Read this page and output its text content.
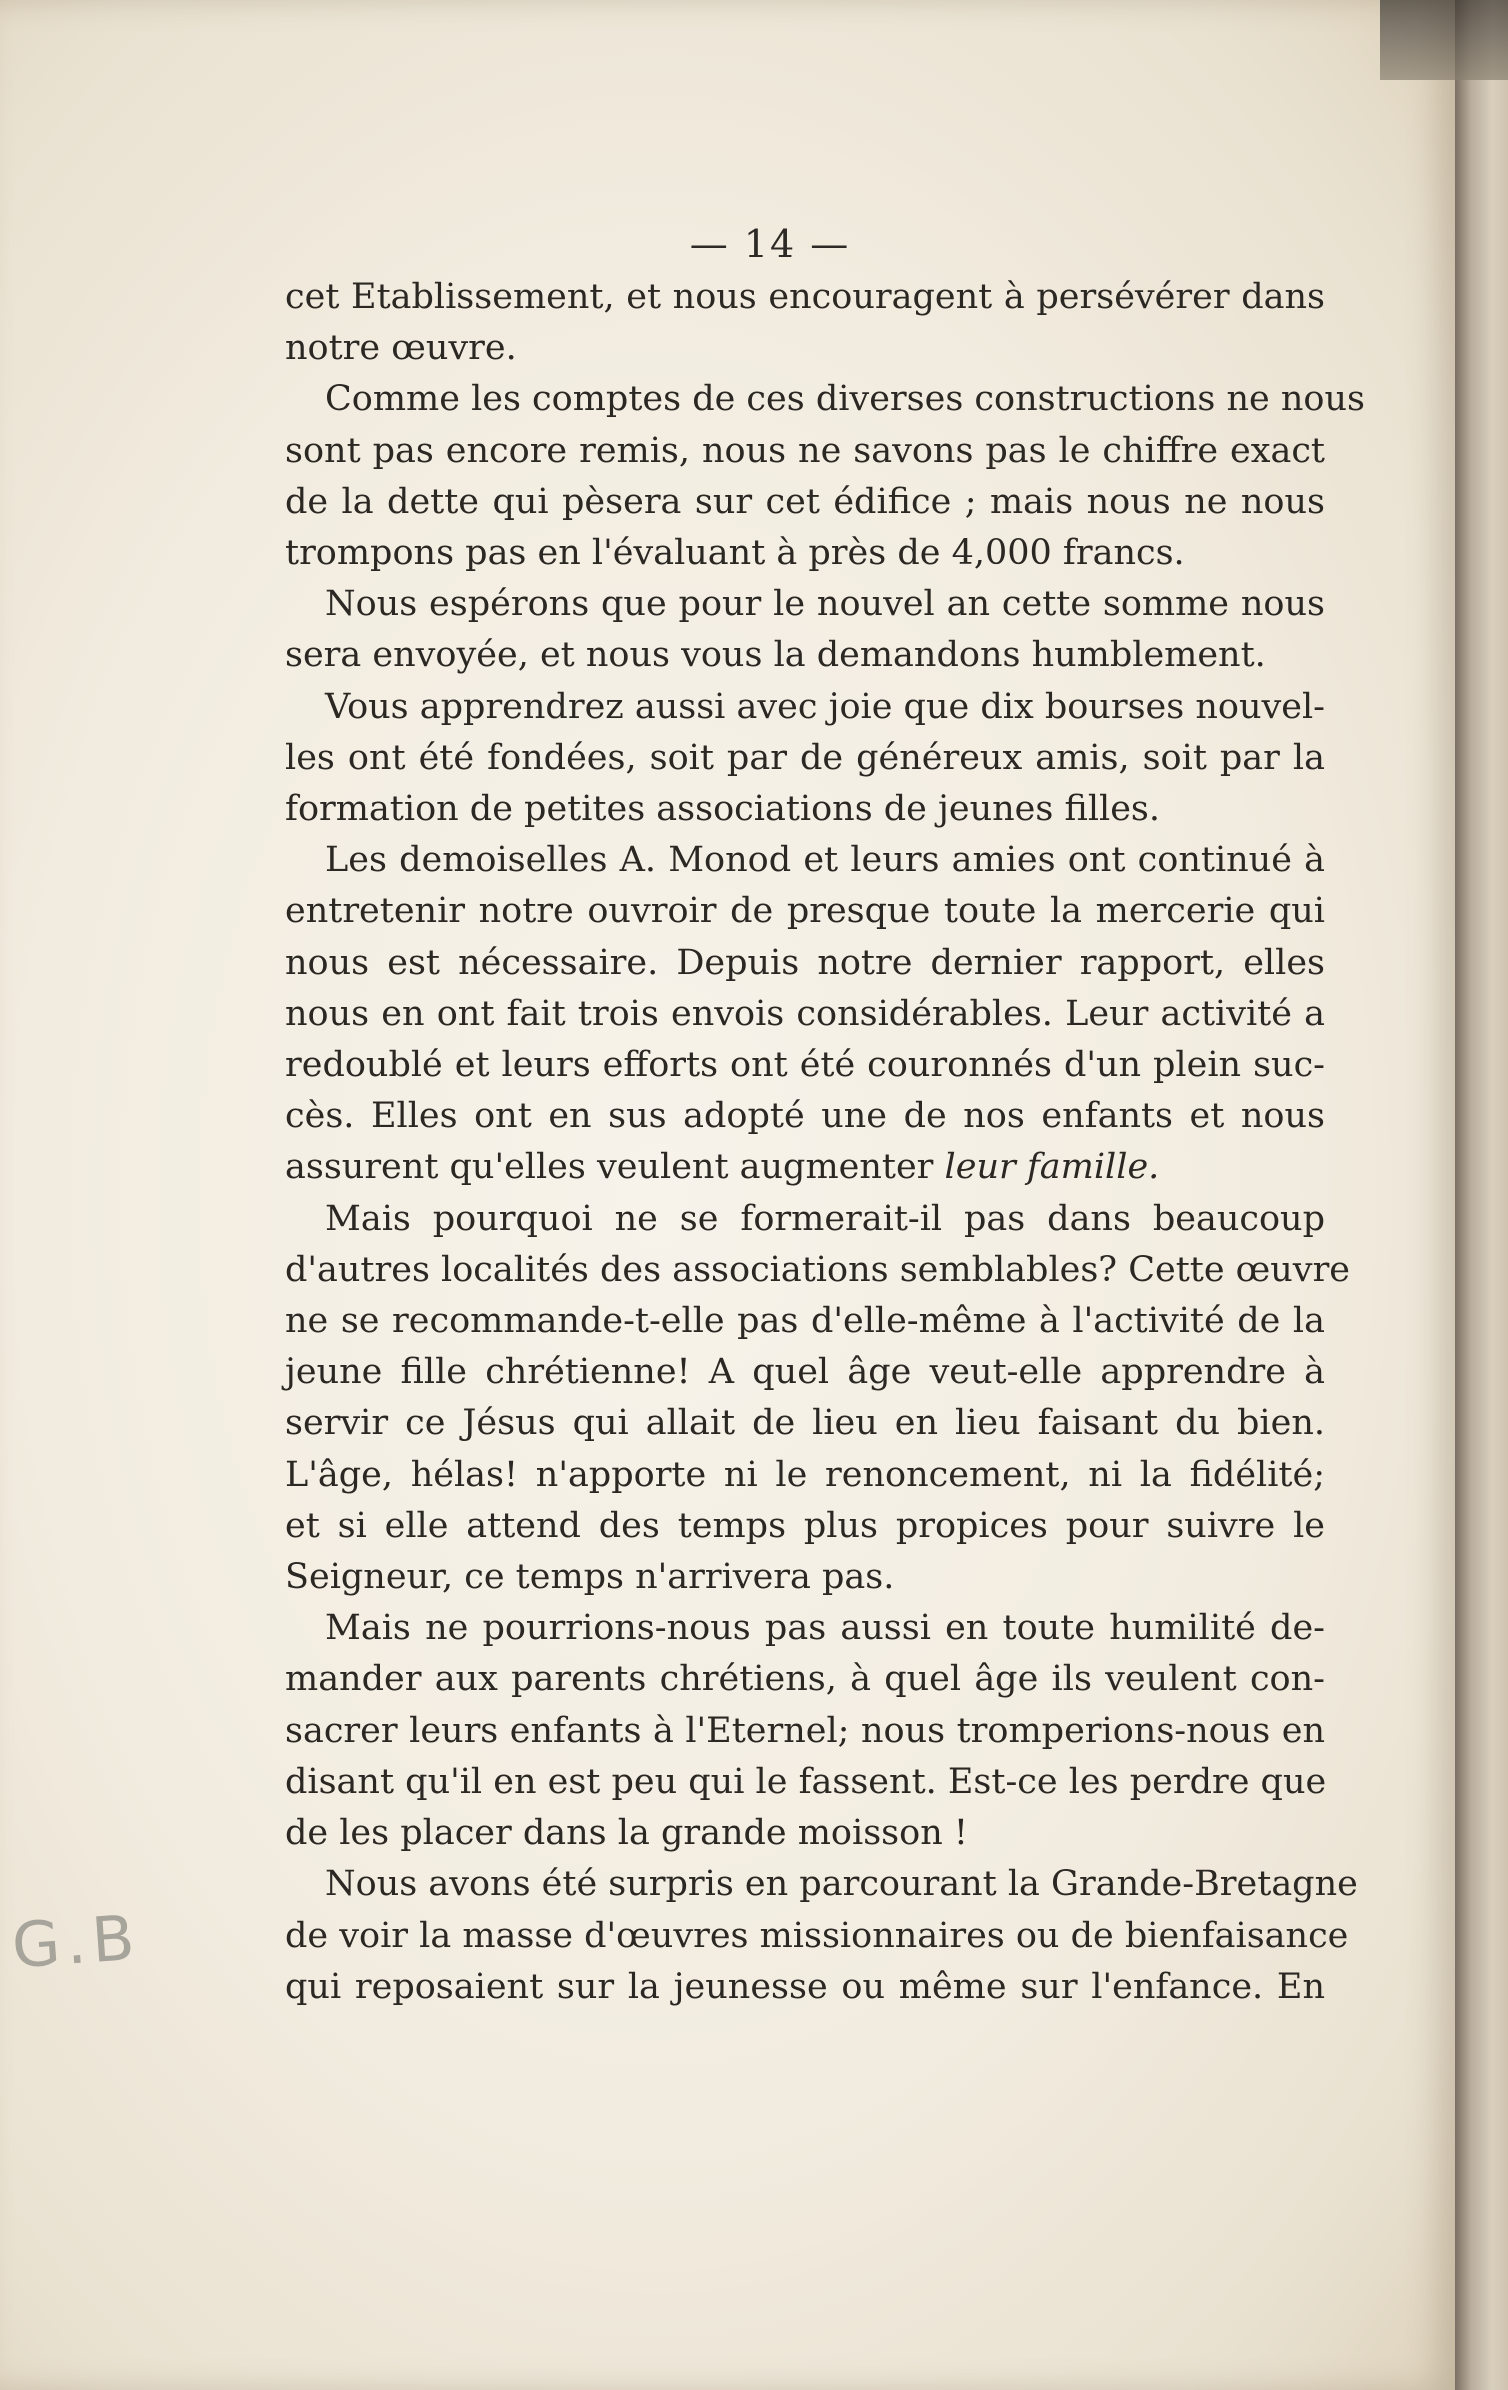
— 14 —
cet Etablissement, et nous encouragent à persévérer dans
notre œuvre.
Comme les comptes de ces diverses constructions ne nous
sont pas encore remis, nous ne savons pas le chiffre exact
de la dette qui pèsera sur cet édifice ; mais nous ne nous
trompons pas en l'évaluant à près de 4,000 francs.
Nous espérons que pour le nouvel an cette somme nous
sera envoyée, et nous vous la demandons humblement.
Vous apprendrez aussi avec joie que dix bourses nouvel-
les ont été fondées, soit par de généreux amis, soit par la
formation de petites associations de jeunes filles.
Les demoiselles A. Monod et leurs amies ont continué à
entretenir notre ouvroir de presque toute la mercerie qui
nous est nécessaire. Depuis notre dernier rapport, elles
nous en ont fait trois envois considérables. Leur activité a
redoublé et leurs efforts ont été couronnés d'un plein suc-
cès. Elles ont en sus adopté une de nos enfants et nous
assurent qu'elles veulent augmenter leur famille.
Mais pourquoi ne se formerait-il pas dans beaucoup
d'autres localités des associations semblables? Cette œuvre
ne se recommande-t-elle pas d'elle-même à l'activité de la
jeune fille chrétienne! A quel âge veut-elle apprendre à
servir ce Jésus qui allait de lieu en lieu faisant du bien.
L'âge, hélas! n'apporte ni le renoncement, ni la fidélité;
et si elle attend des temps plus propices pour suivre le
Seigneur, ce temps n'arrivera pas.
Mais ne pourrions-nous pas aussi en toute humilité de-
mander aux parents chrétiens, à quel âge ils veulent con-
sacrer leurs enfants à l'Eternel; nous tromperions-nous en
disant qu'il en est peu qui le fassent. Est-ce les perdre que
de les placer dans la grande moisson !
Nous avons été surpris en parcourant la Grande-Bretagne
de voir la masse d'œuvres missionnaires ou de bienfaisance
qui reposaient sur la jeunesse ou même sur l'enfance. En
G.B
